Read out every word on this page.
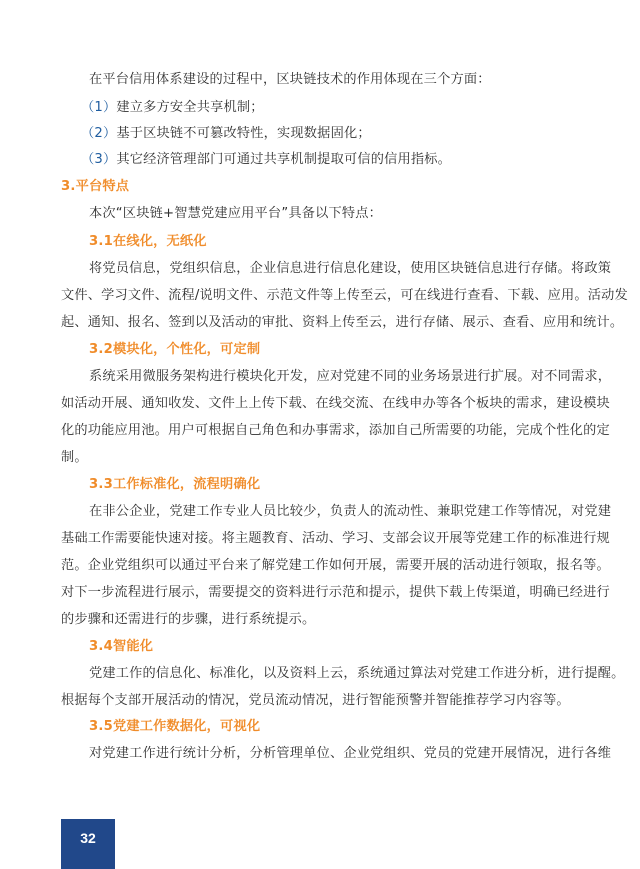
在平台信用体系建设的过程中，区块链技术的作用体现在三个方面：
（1）建立多方安全共享机制；
（2）基于区块链不可篡改特性，实现数据固化；
（3）其它经济管理部门可通过共享机制提取可信的信用指标。
3.平台特点
本次“区块链+智慧党建应用平台”具备以下特点：
3.1在线化，无纸化
将党员信息，党组织信息，企业信息进行信息化建设，使用区块链信息进行存储。将政策
文件、学习文件、流程/说明文件、示范文件等上传至云，可在线进行查看、下载、应用。活动发
起、通知、报名、签到以及活动的审批、资料上传至云，进行存储、展示、查看、应用和统计。
3.2模块化，个性化，可定制
系统采用微服务架构进行模块化开发，应对党建不同的业务场景进行扩展。对不同需求，
如活动开展、通知收发、文件上上传下载、在线交流、在线申办等各个板块的需求，建设模块
化的功能应用池。用户可根据自己角色和办事需求，添加自己所需要的功能，完成个性化的定
制。
3.3工作标准化，流程明确化
在非公企业，党建工作专业人员比较少，负责人的流动性、兼职党建工作等情况，对党建
基础工作需要能快速对接。将主题教育、活动、学习、支部会议开展等党建工作的标准进行规
范。企业党组织可以通过平台来了解党建工作如何开展，需要开展的活动进行领取，报名等。
对下一步流程进行展示，需要提交的资料进行示范和提示，提供下载上传渠道，明确已经进行
的步骤和还需进行的步骤，进行系统提示。
3.4智能化
党建工作的信息化、标准化，以及资料上云，系统通过算法对党建工作进分析，进行提醒。
根据每个支部开展活动的情况，党员流动情况，进行智能预警并智能推荐学习内容等。
3.5党建工作数据化，可视化
对党建工作进行统计分析，分析管理单位、企业党组织、党员的党建开展情况，进行各维
32
